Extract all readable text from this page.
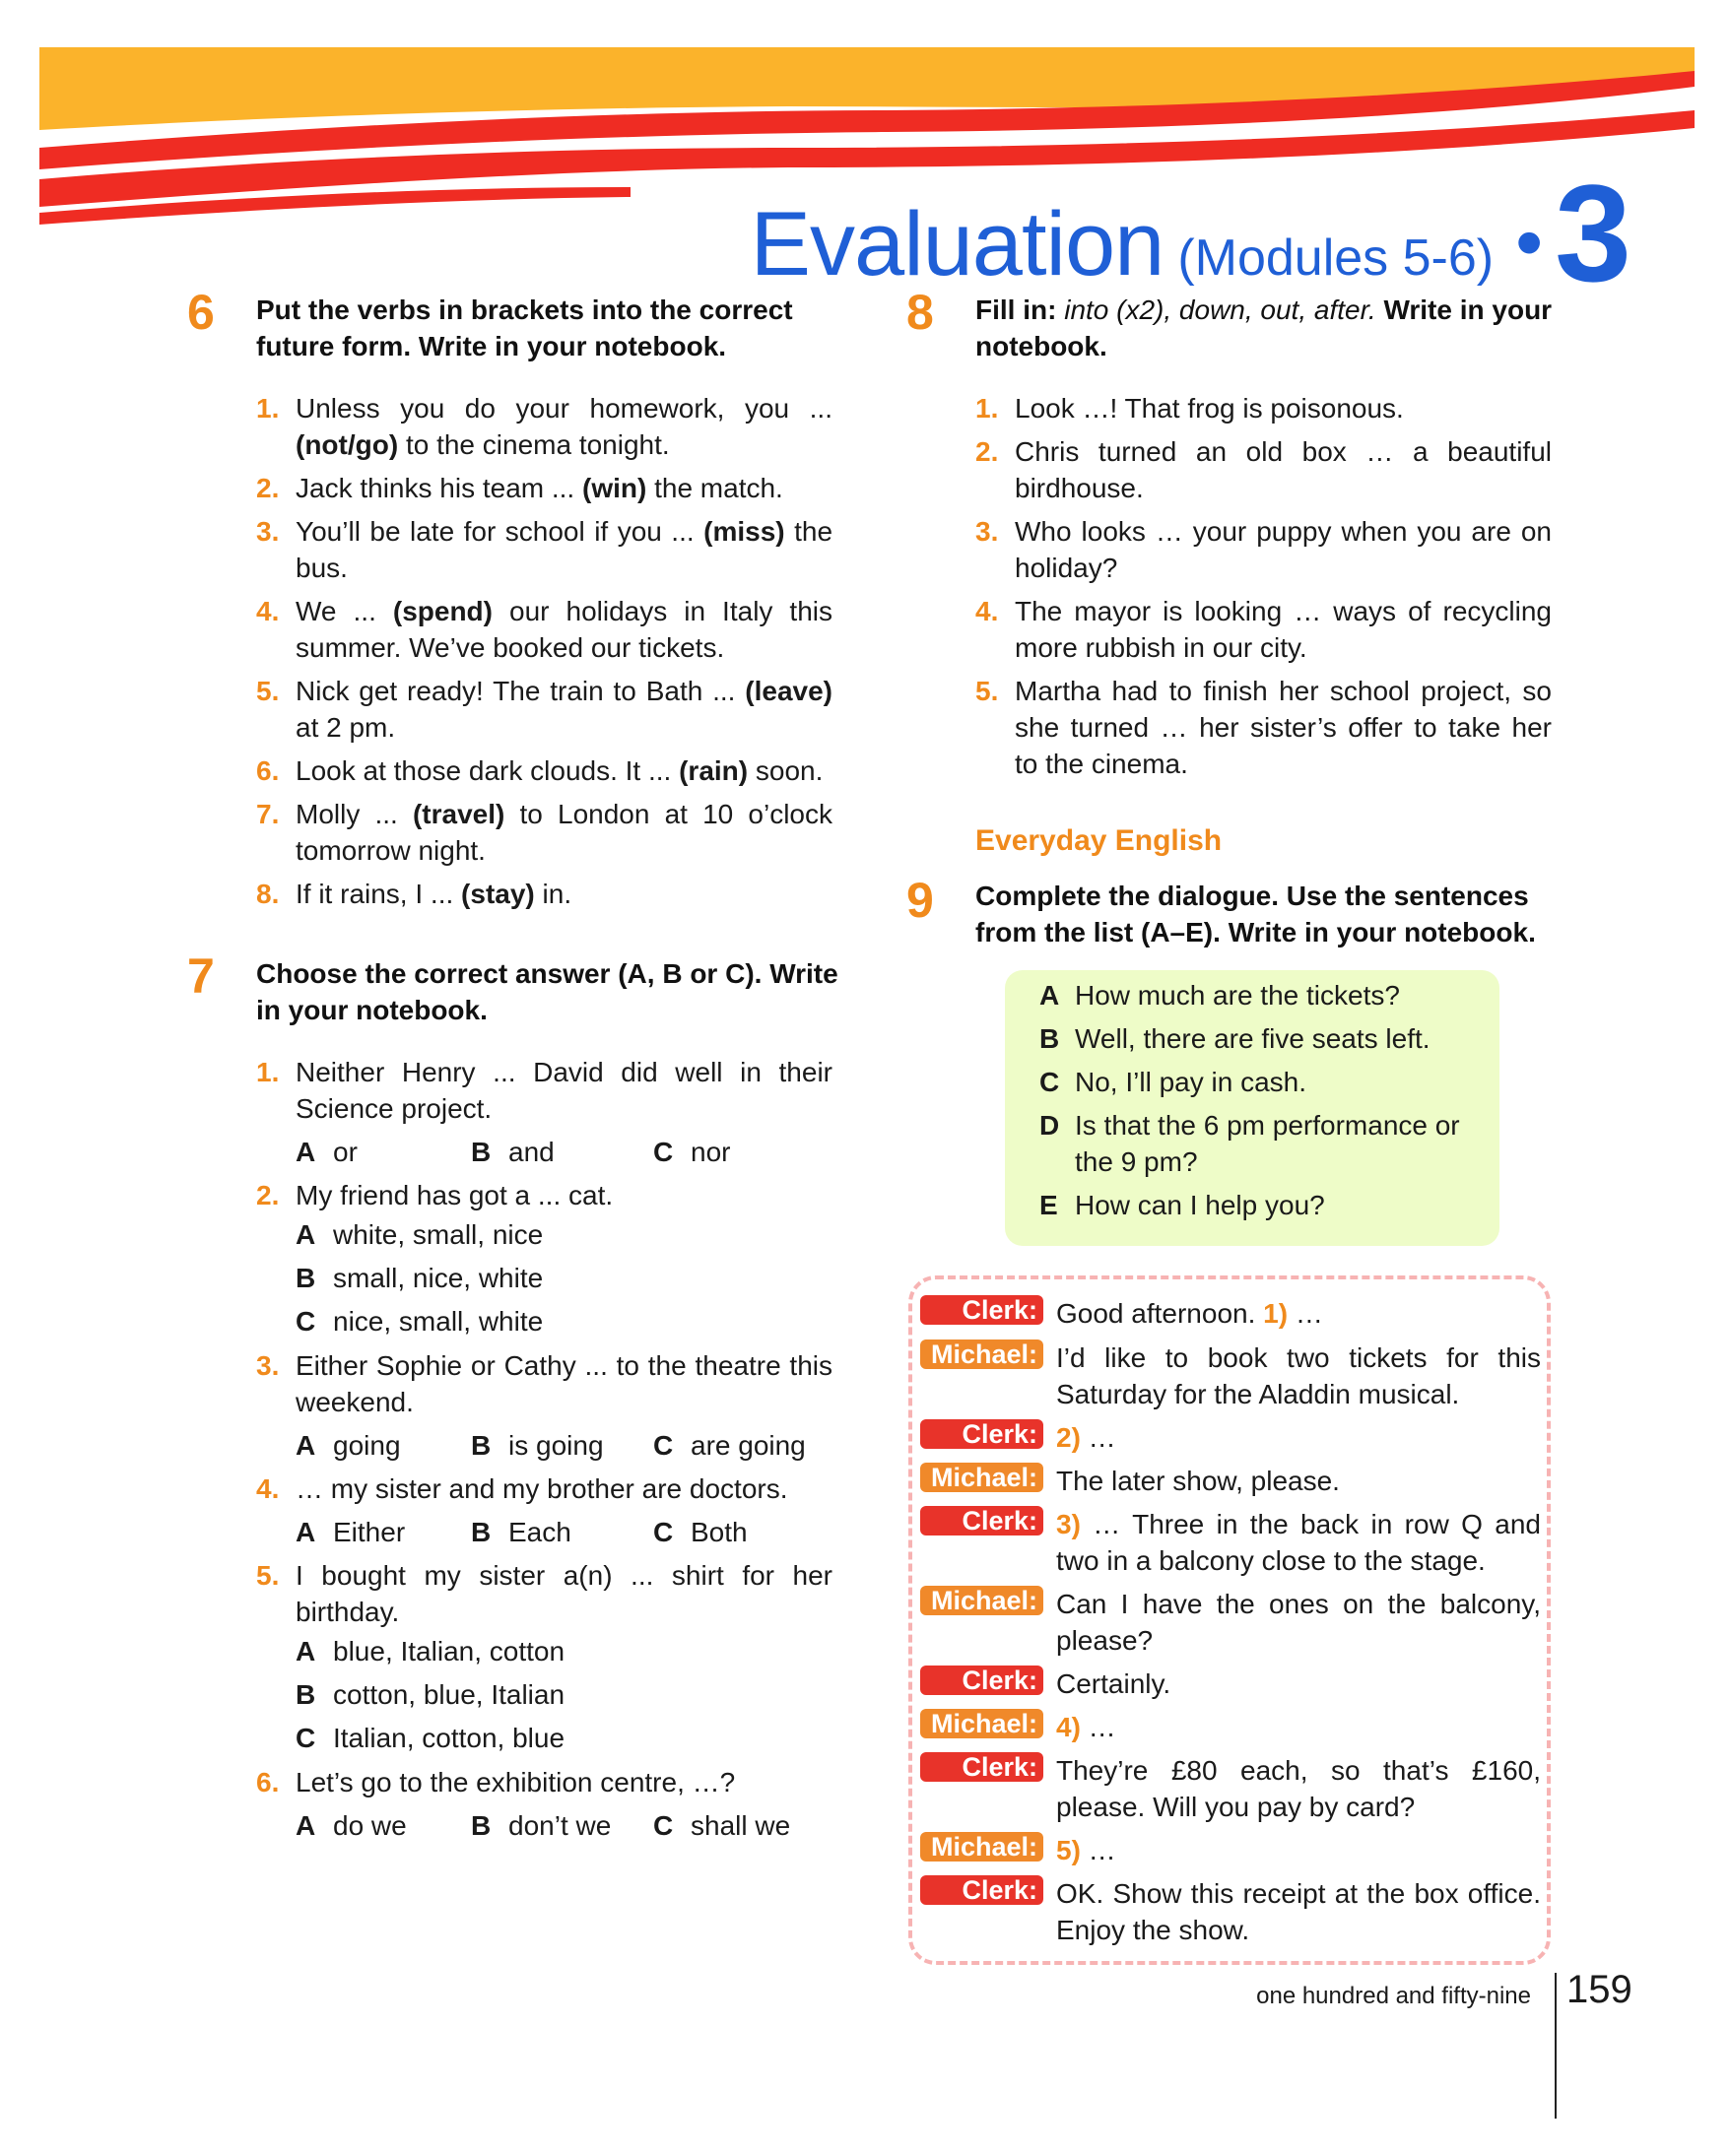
Evaluation (Modules 5-6) •3
6	Put the verbs in brackets into the correct
future form. Write in your notebook.
1. Unless you do your homework, you ... (not/go) to the cinema tonight.
2. Jack thinks his team ... (win) the match.
3. You’ll be late for school if you ... (miss) the bus.
4. We ... (spend) our holidays in Italy this summer. We’ve booked our tickets.
5. Nick get ready! The train to Bath ... (leave) at 2 pm.
6. Look at those dark clouds. It ... (rain) soon.
7. Molly ... (travel) to London at 10 o’clock tomorrow night.
8. If it rains, I ... (stay) in.
7	Choose the correct answer (A, B or C). Write
in your notebook.
1. Neither Henry ... David did well in their Science project.
A or	B and	C nor
2. My friend has got a ... cat.
A white, small, nice
B small, nice, white
C nice, small, white
3. Either Sophie or Cathy ... to the theatre this weekend.
A going	B is going C are going
4. … my sister and my brother are doctors.
A Either B Each	C Both
5. I bought my sister a(n) ... shirt for her birthday.
A blue, Italian, cotton
B cotton, blue, Italian
C Italian, cotton, blue
6. Let’s go to the exhibition centre, …?
A do we B don’t we C shall we
8	Fill in: into (x2), down, out, after. Write in your
notebook.
1. Look …! That frog is poisonous.
2. Chris turned an old box … a beautiful birdhouse.
3. Who looks … your puppy when you are on holiday?
4. The mayor is looking … ways of recycling more rubbish in our city.
5. Martha had to finish her school project, so she turned … her sister’s offer to take her to the cinema.
Everyday English
9	Complete the dialogue. Use the sentences
from the list (A–E). Write in your notebook.
A How much are the tickets?
B Well, there are five seats left.
C No, I’ll pay in cash.
D Is that the 6 pm performance or the 9 pm?
E How can I help you?
Clerk: Good afternoon. 1) …
Michael: I’d like to book two tickets for this Saturday for the Aladdin musical.
Clerk: 2) …
Michael: The later show, please.
Clerk: 3) … Three in the back in row Q and two in a balcony close to the stage.
Michael: Can I have the ones on the balcony, please?
Clerk: Certainly.
Michael: 4) …
Clerk: They’re £80 each, so that’s £160, please. Will you pay by card?
Michael: 5) …
Clerk: OK. Show this receipt at the box office. Enjoy the show.
one hundred and fifty-nine 159
